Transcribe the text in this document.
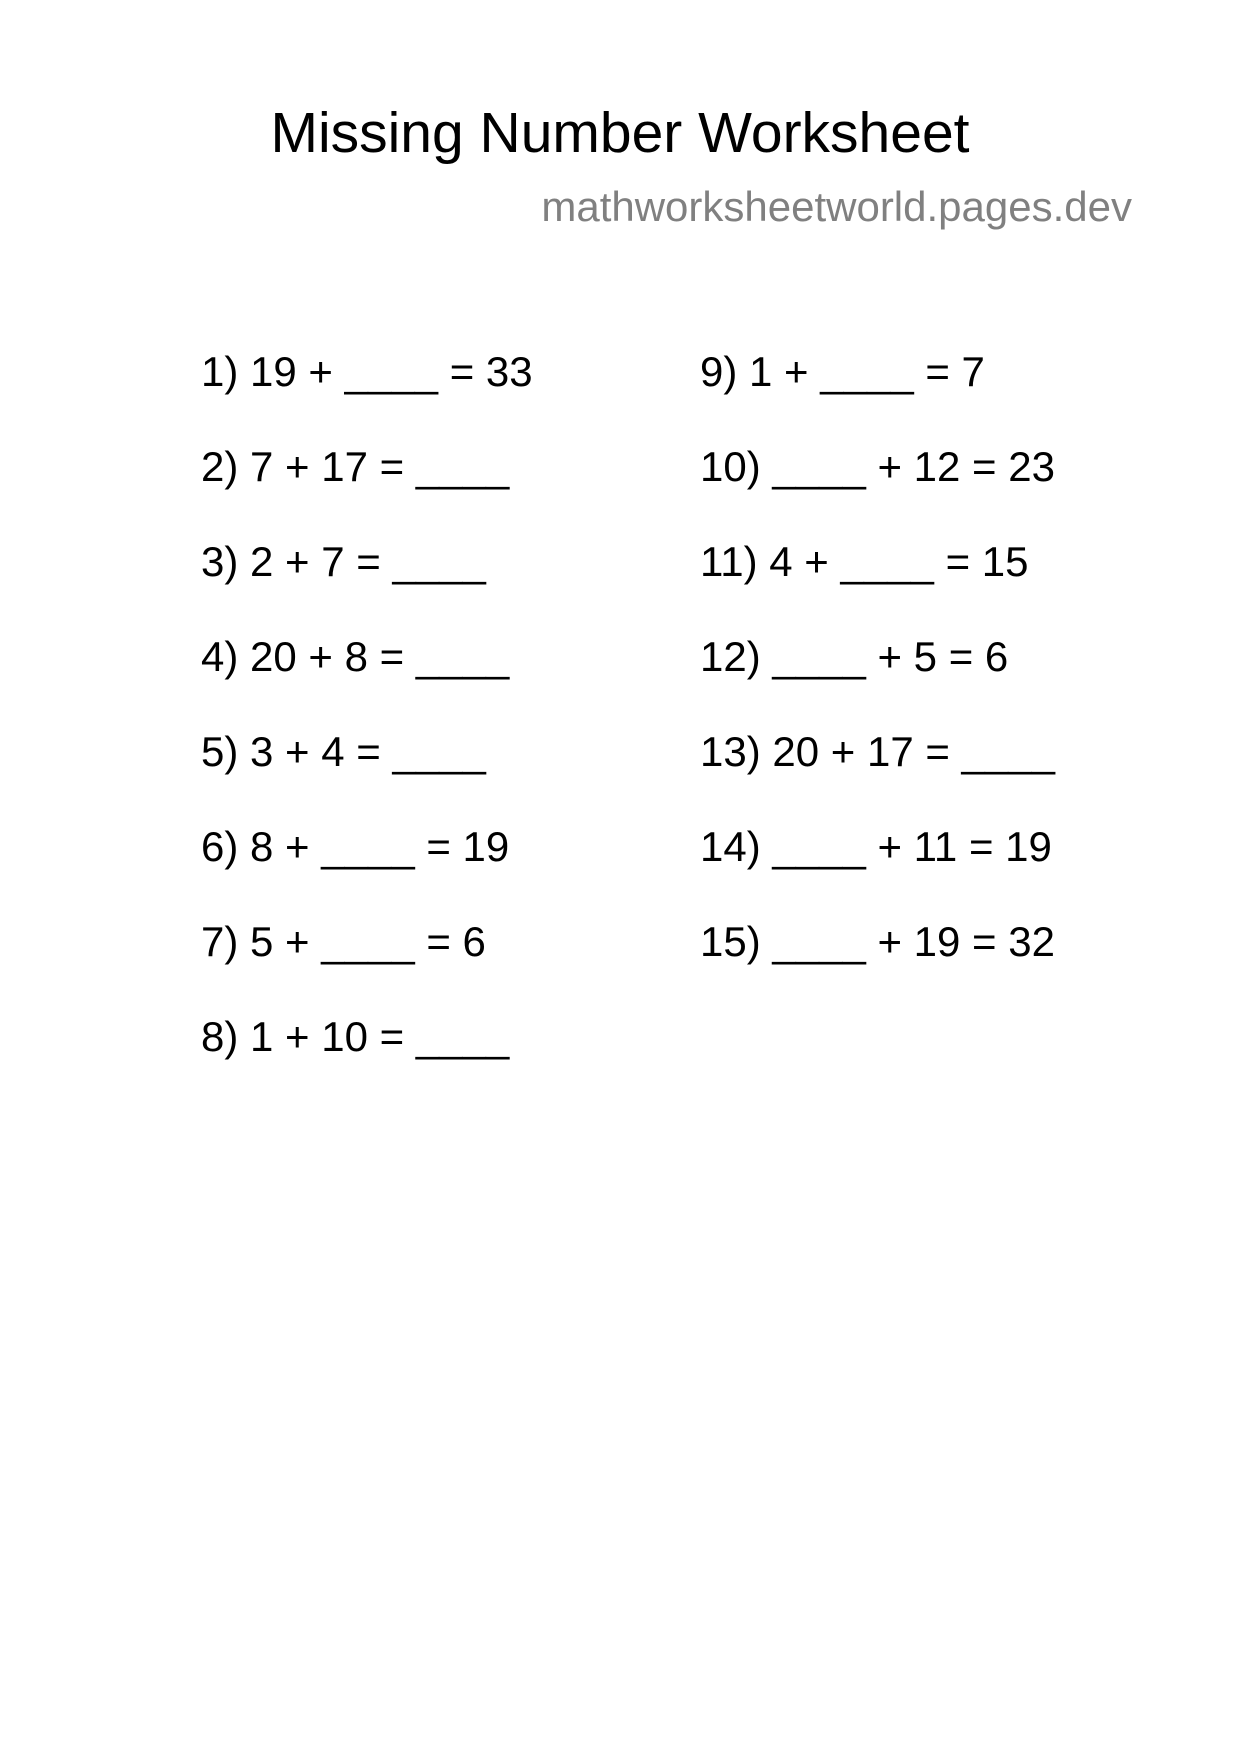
Missing Number Worksheet
mathworksheetworld.pages.dev
1) 19 + ____ = 33
2) 7 + 17 = ____
3) 2 + 7 = ____
4) 20 + 8 = ____
5) 3 + 4 = ____
6) 8 + ____ = 19
7) 5 + ____ = 6
8) 1 + 10 = ____
9) 1 + ____ = 7
10) ____ + 12 = 23
11) 4 + ____ = 15
12) ____ + 5 = 6
13) 20 + 17 = ____
14) ____ + 11 = 19
15) ____ + 19 = 32
